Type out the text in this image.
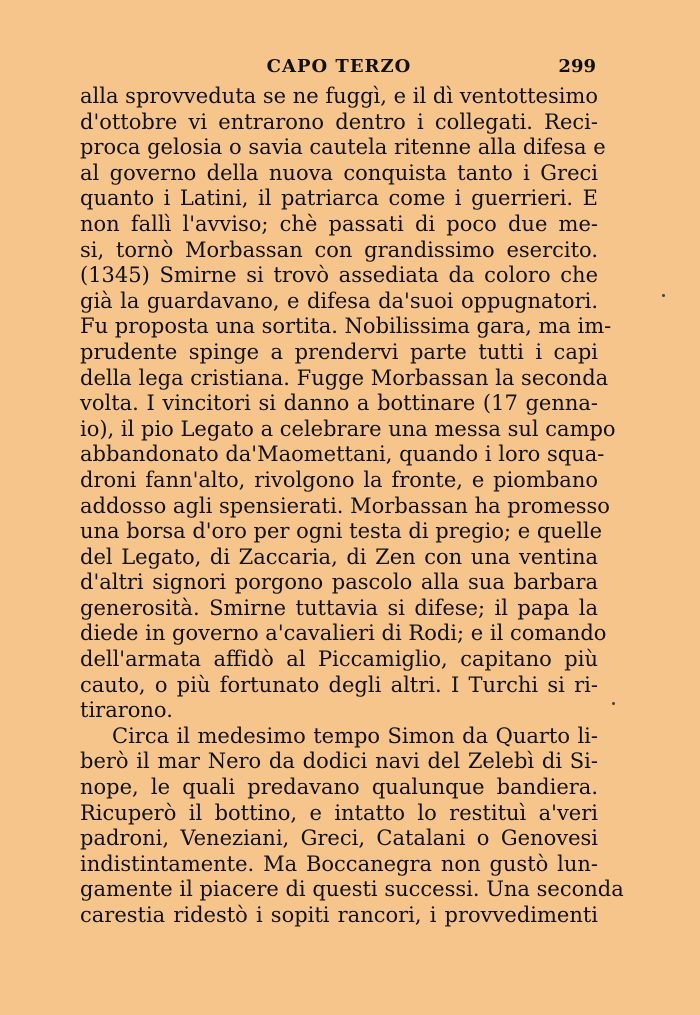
CAPO TERZO	299
alla sprovveduta se ne fuggì, e il dì ventottesimo
d'ottobre vi entrarono dentro i collegati. Reci-
proca gelosia o savia cautela ritenne alla difesa e
al governo della nuova conquista tanto i Greci
quanto i Latini, il patriarca come i guerrieri. E
non fallì l'avviso; chè passati di poco due me-
si, tornò Morbassan con grandissimo esercito.
(1345) Smirne si trovò assediata da coloro che
già la guardavano, e difesa da'suoi oppugnatori.
Fu proposta una sortita. Nobilissima gara, ma im-
prudente spinge a prendervi parte tutti i capi
della lega cristiana. Fugge Morbassan la seconda
volta. I vincitori si danno a bottinare (17 genna-
io), il pio Legato a celebrare una messa sul campo
abbandonato da'Maomettani, quando i loro squa-
droni fann'alto, rivolgono la fronte, e piombano
addosso agli spensierati. Morbassan ha promesso
una borsa d'oro per ogni testa di pregio; e quelle
del Legato, di Zaccaria, di Zen con una ventina
d'altri signori porgono pascolo alla sua barbara
generosità. Smirne tuttavia si difese; il papa la
diede in governo a'cavalieri di Rodi; e il comando
dell'armata affidò al Piccamiglio, capitano più
cauto, o più fortunato degli altri. I Turchi si ri-
tirarono.
Circa il medesimo tempo Simon da Quarto li-
berò il mar Nero da dodici navi del Zelebì di Si-
nope, le quali predavano qualunque bandiera.
Ricuperò il bottino, e intatto lo restituì a'veri
padroni, Veneziani, Greci, Catalani o Genovesi
indistintamente. Ma Boccanegra non gustò lun-
gamente il piacere di questi successi. Una seconda
carestia ridestò i sopiti rancori, i provvedimenti
